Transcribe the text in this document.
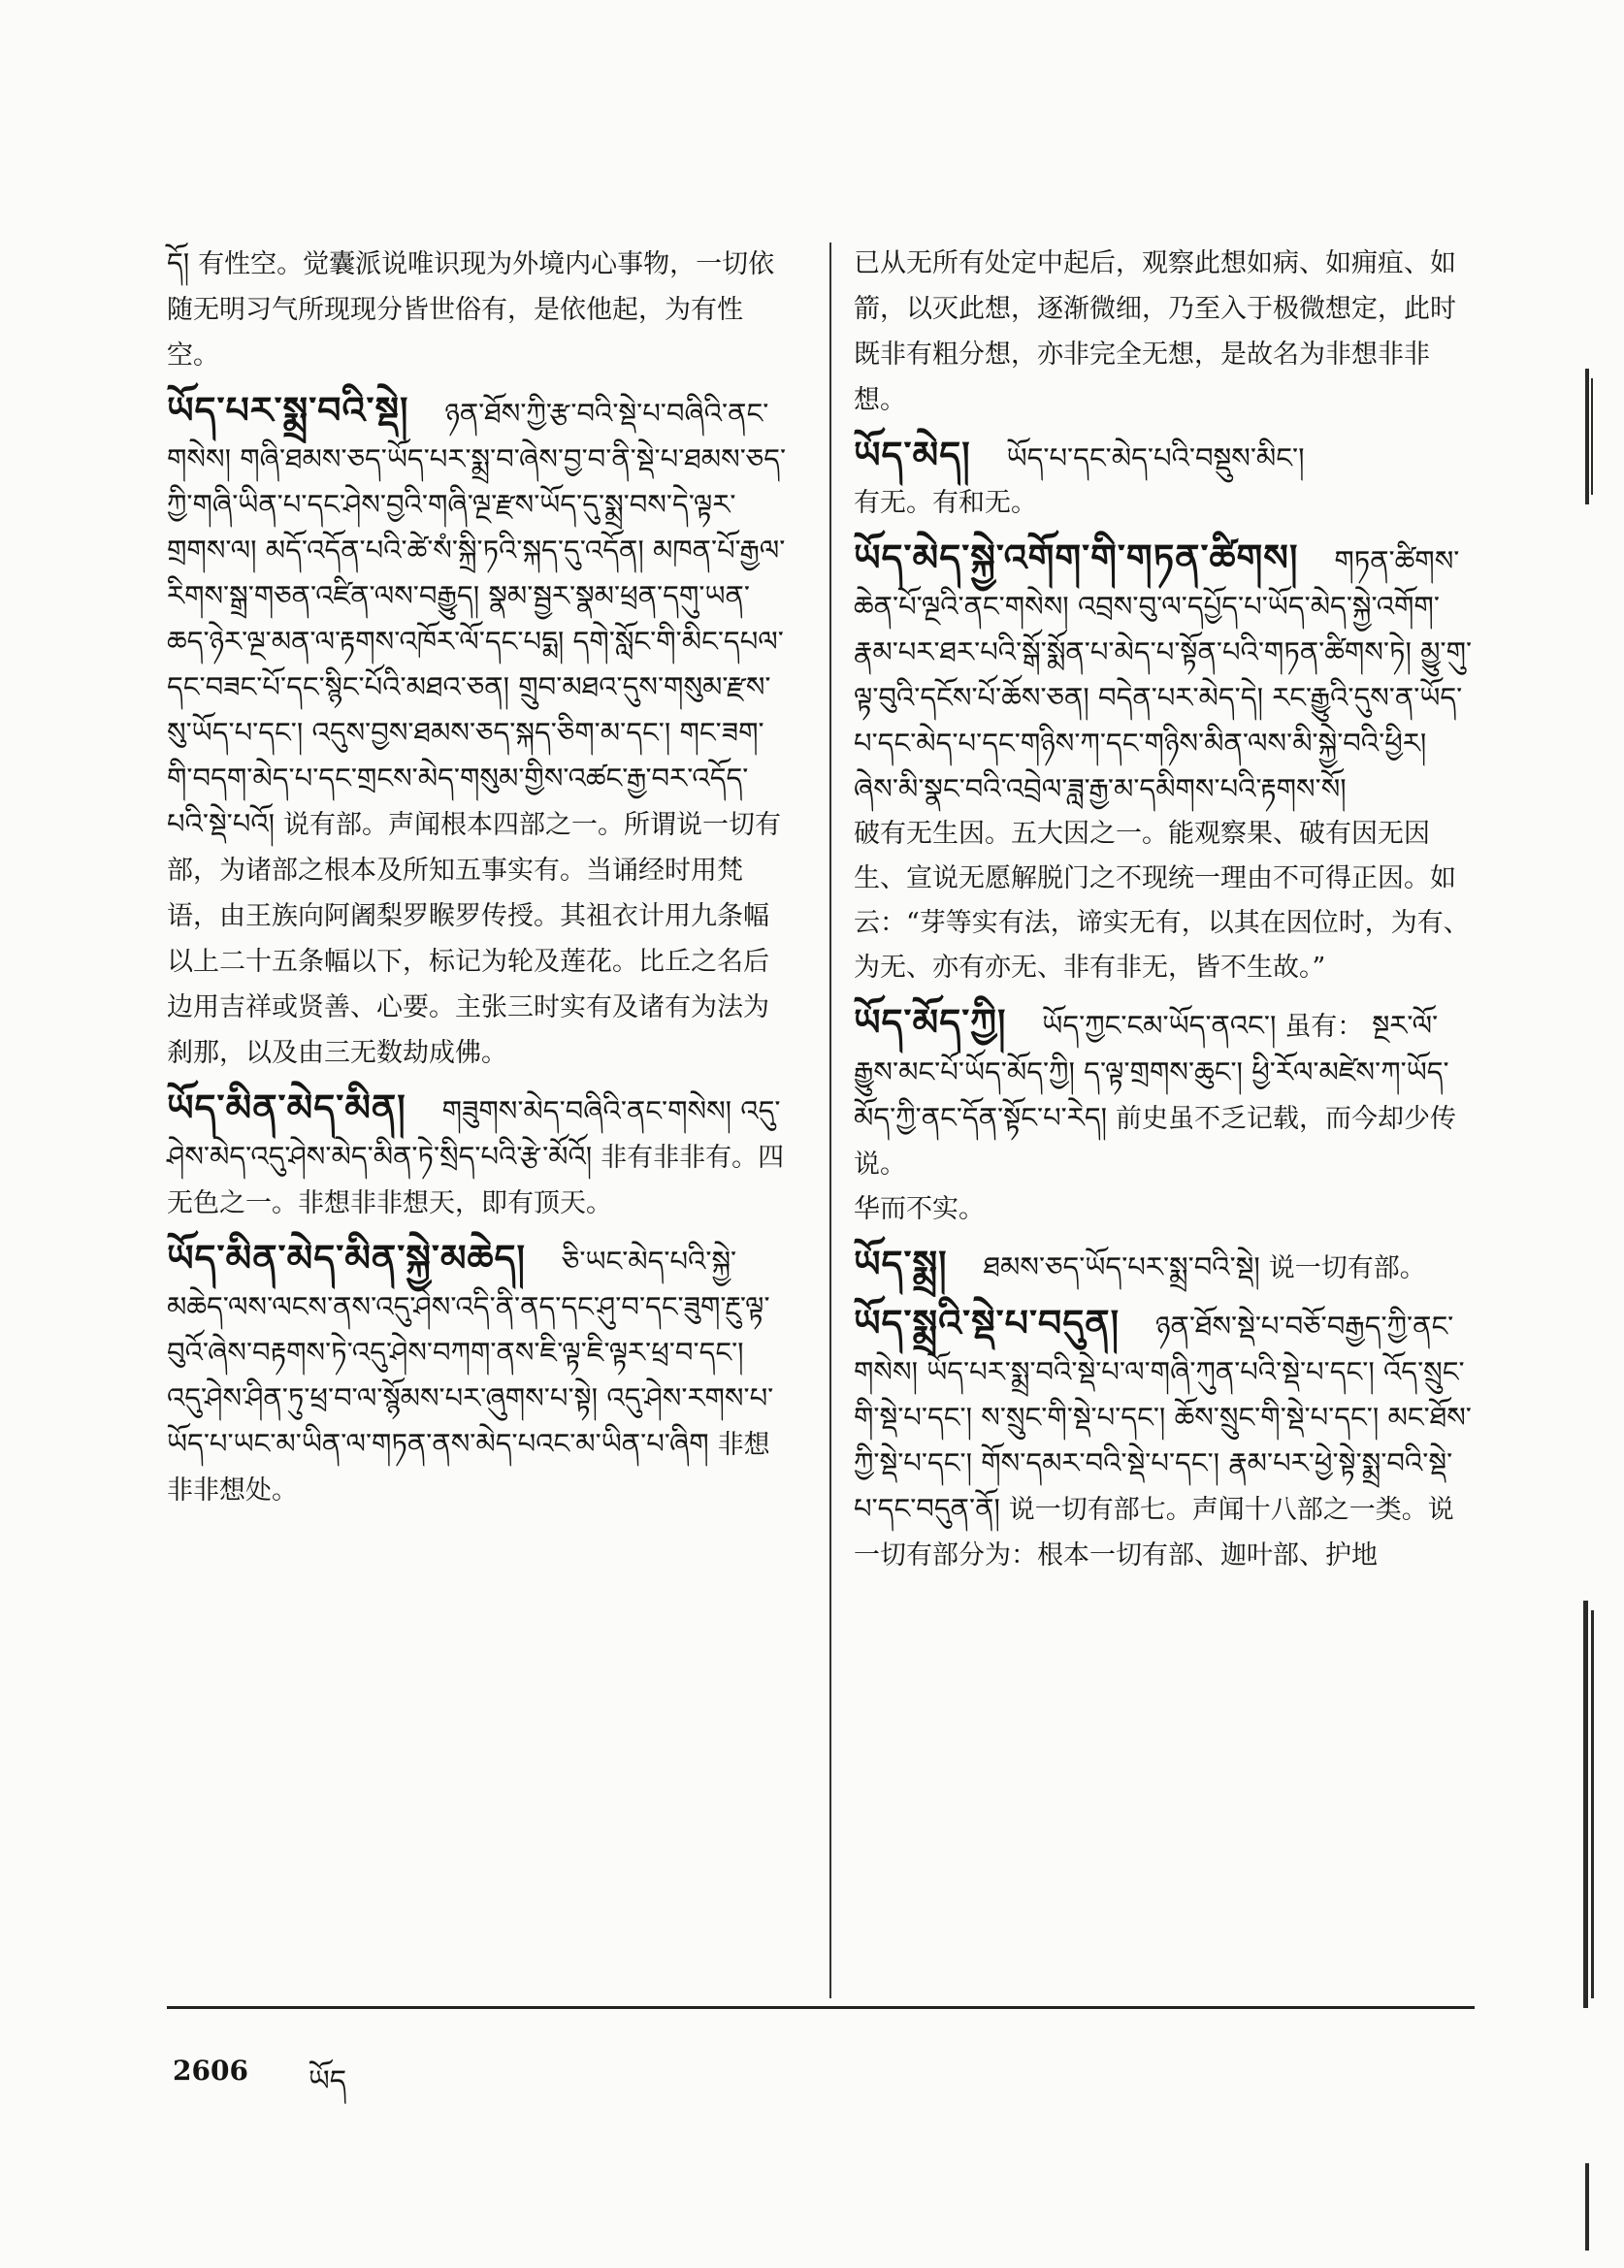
དོ། 有性空。觉囊派说唯识现为外境内心事物，一切依随无明习气所现现分皆世俗有，是依他起，为有性空。
ཡོད་པར་སྨྲ་བའི་སྡེ། ཉན་ཐོས་ཀྱི་རྩ་བའི་སྡེ་པ་བཞིའི་ནང་གསེས། གཞི་ཐམས་ཅད་ཡོད་པར་སྨྲ་བ་ཞེས་བྱ་བ་ནི་སྡེ་པ་ཐམས་ཅད་ཀྱི་གཞི་ཡིན་པ་དང་ཤེས་བྱའི་གཞི་ལྔ་རྫས་ཡོད་དུ་སྨྲ་བས་དེ་ལྟར་གྲགས་ལ། མདོ་འདོན་པའི་ཚེ་སཾ་སྐྲི་ཏའི་སྐད་དུ་འདོན། མཁན་པོ་རྒྱལ་རིགས་སྒྲ་གཅན་འཛིན་ལས་བརྒྱུད། སྣམ་སྦྱར་སྣམ་ཕྲན་དགུ་ཡན་ཆད་ཉེར་ལྔ་མན་ལ་རྟགས་འཁོར་ལོ་དང་པདྨ། དགེ་སློང་གི་མིང་དཔལ་དང་བཟང་པོ་དང་སྙིང་པོའི་མཐའ་ཅན། གྲུབ་མཐའ་དུས་གསུམ་རྫས་སུ་ཡོད་པ་དང་། འདུས་བྱས་ཐམས་ཅད་སྐད་ཅིག་མ་དང་། གང་ཟག་གི་བདག་མེད་པ་དང་གྲངས་མེད་གསུམ་གྱིས་འཚང་རྒྱ་བར་འདོད་པའི་སྡེ་པའོ། 说有部。声闻根本四部之一。所谓说一切有部，为诸部之根本及所知五事实有。当诵经时用梵语，由王族向阿阇梨罗睺罗传授。其祖衣计用九条幅以上二十五条幅以下，标记为轮及莲花。比丘之名后边用吉祥或贤善、心要。主张三时实有及诸有为法为刹那，以及由三无数劫成佛。
ཡོད་མིན་མེད་མིན། གཟུགས་མེད་བཞིའི་ནང་གསེས། འདུ་ཤེས་མེད་འདུ་ཤེས་མེད་མིན་ཏེ་སྲིད་པའི་རྩེ་མོའོ། 非有非非有。四无色之一。非想非非想天，即有顶天。
ཡོད་མིན་མེད་མིན་སྐྱེ་མཆེད། ཅི་ཡང་མེད་པའི་སྐྱེ་མཆེད་ལས་ལངས་ནས་འདུ་ཤེས་འདི་ནི་ནད་དང་ཤུ་བ་དང་ཟུག་རྔུ་ལྟ་བུའོ་ཞེས་བརྟགས་ཏེ་འདུ་ཤེས་བཀག་ནས་ཇི་ལྟ་ཇི་ལྟར་ཕྲ་བ་དང་། འདུ་ཤེས་ཤིན་ཏུ་ཕྲ་བ་ལ་སྙོམས་པར་ཞུགས་པ་སྟེ། འདུ་ཤེས་རགས་པ་ཡོད་པ་ཡང་མ་ཡིན་ལ་གཏན་ནས་མེད་པའང་མ་ཡིན་པ་ཞིག 非想非非想处。
已从无所有处定中起后，观察此想如病、如痈疽、如箭，以灭此想，逐渐微细，乃至入于极微想定，此时既非有粗分想，亦非完全无想，是故名为非想非非想。
ཡོད་མེད། ཡོད་པ་དང་མེད་པའི་བསྡུས་མིང་།
有无。有和无。
ཡོད་མེད་སྐྱེ་འགོག་གི་གཏན་ཚིགས། གཏན་ཚིགས་ཆེན་པོ་ལྔའི་ནང་གསེས། འབྲས་བུ་ལ་དཔྱོད་པ་ཡོད་མེད་སྐྱེ་འགོག་རྣམ་པར་ཐར་པའི་སྒོ་སྨོན་པ་མེད་པ་སྟོན་པའི་གཏན་ཚིགས་ཏེ། མྱུ་གུ་ལྟ་བུའི་དངོས་པོ་ཆོས་ཅན། བདེན་པར་མེད་དེ། རང་རྒྱུའི་དུས་ན་ཡོད་པ་དང་མེད་པ་དང་གཉིས་ཀ་དང་གཉིས་མིན་ལས་མི་སྐྱེ་བའི་ཕྱིར། ཞེས་མི་སྣང་བའི་འབྲེལ་ཟླ་རྒྱ་མ་དམིགས་པའི་རྟགས་སོ།
破有无生因。五大因之一。能观察果、破有因无因生、宣说无愿解脱门之不现统一理由不可得正因。如云：“芽等实有法，谛实无有，以其在因位时，为有、为无、亦有亦无、非有非无，皆不生故。”
ཡོད་མོད་ཀྱི། ཡོད་ཀྱང་ངམ་ཡོད་ནའང་། 虽有： སྔར་ལོ་རྒྱུས་མང་པོ་ཡོད་མོད་ཀྱི། ད་ལྟ་གྲགས་ཆུང་། ཕྱི་རོལ་མཛེས་ཀ་ཡོད་མོད་ཀྱི་ནང་དོན་སྟོང་པ་རེད། 前史虽不乏记载，而今却少传说。
华而不实。
ཡོད་སྨྲ། ཐམས་ཅད་ཡོད་པར་སྨྲ་བའི་སྡེ། 说一切有部。
ཡོད་སྨྲའི་སྡེ་པ་བདུན། ཉན་ཐོས་སྡེ་པ་བཅོ་བརྒྱད་ཀྱི་ནང་གསེས། ཡོད་པར་སྨྲ་བའི་སྡེ་པ་ལ་གཞི་ཀུན་པའི་སྡེ་པ་དང་། འོད་སྲུང་གི་སྡེ་པ་དང་། ས་སྲུང་གི་སྡེ་པ་དང་། ཆོས་སྲུང་གི་སྡེ་པ་དང་། མང་ཐོས་ཀྱི་སྡེ་པ་དང་། གོས་དམར་བའི་སྡེ་པ་དང་། རྣམ་པར་ཕྱེ་སྟེ་སྨྲ་བའི་སྡེ་པ་དང་བདུན་ནོ། 说一切有部七。声闻十八部之一类。说一切有部分为：根本一切有部、迦叶部、护地
2606 ཡོད
